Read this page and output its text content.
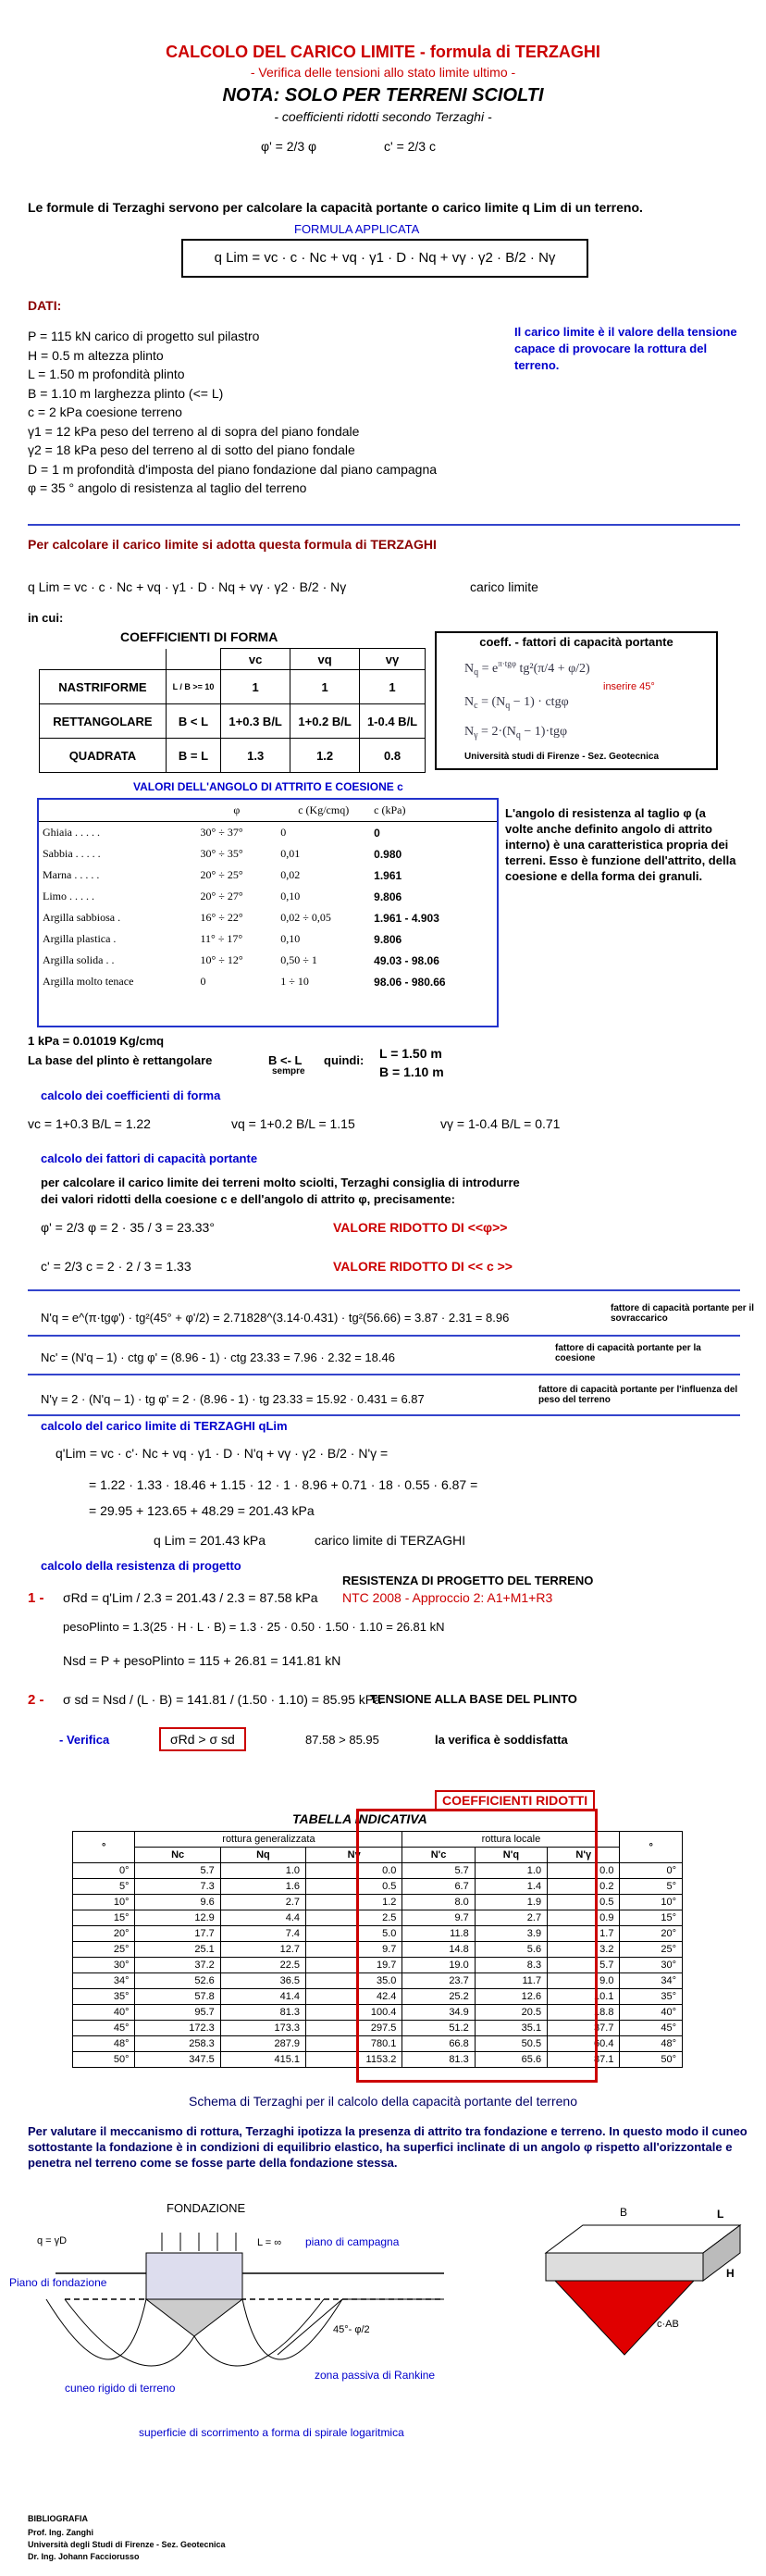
CALCOLO DEL CARICO LIMITE - formula di TERZAGHI
- Verifica delle tensioni allo stato limite ultimo -
NOTA: SOLO PER TERRENI SCIOLTI
- coefficienti ridotti secondo Terzaghi -
φ' = 2/3 φ	c' = 2/3 c
Le formule di Terzaghi servono per calcolare la capacità portante o carico limite q Lim di un terreno.
FORMULA APPLICATA
q Lim = vc · c · Nc + vq · γ1 · D · Nq + vγ · γ2 · B/2 · Nγ
DATI:
P = 115 kN carico di progetto sul pilastro
H = 0.5 m altezza plinto
L = 1.50 m profondità plinto
B = 1.10 m larghezza plinto (<= L)
c = 2 kPa coesione terreno
γ1 = 12 kPa peso del terreno al di sopra del piano fondale
γ2 = 18 kPa peso del terreno al di sotto del piano fondale
D = 1 m profondità d'imposta del piano fondazione dal piano campagna
φ = 35 ° angolo di resistenza al taglio del terreno
Il carico limite è il valore della tensione capace di provocare la rottura del terreno.
Per calcolare il carico limite si adotta questa formula di TERZAGHI
q Lim = vc · c · Nc + vq · γ1 · D · Nq + vγ · γ2 · B/2 · Nγ	carico limite
in cui:
COEFFICIENTI DI FORMA
		vc	vq	vγ
NASTRIFORME	L / B >= 10	1	1	1
RETTANGOLARE	B < L	1+0.3 B/L	1+0.2 B/L	1-0.4 B/L
QUADRATA	B = L	1.3	1.2	0.8
coeff. - fattori di capacità portante
$N_q = e^{\pi\cdot tg\varphi}$ tg²(π/4 + φ/2)
$N_c = (N_q - 1) \cdot ctg\varphi$
$N_\gamma = 2\cdot(N_q - 1)\cdot tg\varphi$
inserire 45°
Università studi di Firenze - Sez. Geotecnica
VALORI DELL'ANGOLO DI ATTRITO E COESIONE c
	φ	c (Kg/cmq)	c (kPa)
Ghiaia . . . . .	30° ÷ 37°	0	0
Sabbia . . . . .	30° ÷ 35°	0,01	0.980
Marna . . . . .	20° ÷ 25°	0,02	1.961
Limo . . . . .	20° ÷ 27°	0,10	9.806
Argilla sabbiosa .	16° ÷ 22°	0,02 ÷ 0,05	1.961 - 4.903
Argilla plastica .	11° ÷ 17°	0,10	9.806
Argilla solida . .	10° ÷ 12°	0,50 ÷ 1	49.03 - 98.06
Argilla molto tenace	0	1 ÷ 10	98.06 - 980.66
L'angolo di resistenza al taglio φ (a volte anche definito angolo di attrito interno) è una caratteristica propria dei terreni. Esso è funzione dell'attrito, della coesione e della forma dei granuli.
1 kPa = 0.01019 Kg/cmq
La base del plinto è rettangolare	B <- L
sempre
quindi: L = 1.50 m
B = 1.10 m
calcolo dei coefficienti di forma
vc = 1+0.3 B/L = 1.22	vq = 1+0.2 B/L = 1.15	vγ = 1-0.4 B/L = 0.71
calcolo dei fattori di capacità portante
per calcolare il carico limite dei terreni molto sciolti, Terzaghi consiglia di introdurre
dei valori ridotti della coesione c e dell'angolo di attrito φ, precisamente:
φ' = 2/3 φ = 2 · 35 / 3 = 23.33°	VALORE RIDOTTO DI <<φ>>
c' = 2/3 c = 2 · 2 / 3 = 1.33	VALORE RIDOTTO DI << c >>
N'q = e^(π·tgφ') · tg²(45° + φ'/2) = 2.71828^(3.14·0.431) · tg²(56.66) = 3.87 · 2.31 = 8.96
fattore di capacità portante per il sovraccarico
Nc' = (N'q – 1) · ctg φ' = (8.96 - 1) · ctg 23.33 = 7.96 · 2.32 = 18.46
fattore di capacità portante per la coesione
N'γ = 2 · (N'q – 1) · tg φ' = 2 · (8.96 - 1) · tg 23.33 = 15.92 · 0.431 = 6.87
fattore di capacità portante per l'influenza del peso del terreno
calcolo del carico limite di TERZAGHI qLim
q'Lim = vc · c'· Nc + vq · γ1 · D · N'q + vγ · γ2 · B/2 · N'γ =
= 1.22 · 1.33 · 18.46 + 1.15 · 12 · 1 · 8.96 + 0.71 · 18 · 0.55 · 6.87 =
= 29.95 + 123.65 + 48.29 = 201.43 kPa
q Lim = 201.43 kPa	carico limite di TERZAGHI
calcolo della resistenza di progetto
1 - σRd = q'Lim / 2.3 = 201.43 / 2.3 = 87.58 kPa
RESISTENZA DI PROGETTO DEL TERRENO
NTC 2008 - Approccio 2: A1+M1+R3
pesoPlinto = 1.3(25 · H · L · B) = 1.3 · 25 · 0.50 · 1.50 · 1.10 = 26.81 kN
Nsd = P + pesoPlinto = 115 + 26.81 = 141.81 kN
2 - σ sd = Nsd / (L · B) = 141.81 / (1.50 · 1.10) = 85.95 kPa
TENSIONE ALLA BASE DEL PLINTO
- Verifica	σRd > σ sd	87.58 > 85.95	la verifica è soddisfatta
COEFFICIENTI RIDOTTI
TABELLA INDICATIVA
°	rottura generalizzata			rottura locale			°
	Nc	Nq	Nγ	N'c	N'q	N'γ	
0°	5.7	1.0	0.0	5.7	1.0	0.0	0°
5°	7.3	1.6	0.5	6.7	1.4	0.2	5°
10°	9.6	2.7	1.2	8.0	1.9	0.5	10°
15°	12.9	4.4	2.5	9.7	2.7	0.9	15°
20°	17.7	7.4	5.0	11.8	3.9	1.7	20°
25°	25.1	12.7	9.7	14.8	5.6	3.2	25°
30°	37.2	22.5	19.7	19.0	8.3	5.7	30°
34°	52.6	36.5	35.0	23.7	11.7	9.0	34°
35°	57.8	41.4	42.4	25.2	12.6	10.1	35°
40°	95.7	81.3	100.4	34.9	20.5	18.8	40°
45°	172.3	173.3	297.5	51.2	35.1	37.7	45°
48°	258.3	287.9	780.1	66.8	50.5	60.4	48°
50°	347.5	415.1	1153.2	81.3	65.6	87.1	50°
Schema di Terzaghi per il calcolo della capacità portante del terreno
Per valutare il meccanismo di rottura, Terzaghi ipotizza la presenza di attrito tra fondazione e terreno. In questo modo il cuneo sottostante la fondazione è in condizioni di equilibrio elastico, ha superfici inclinate di un angolo φ rispetto all'orizzontale e penetra nel terreno come se fosse parte della fondazione stessa.
FONDAZIONE
q = γD	L = ∞ piano di campagna
Piano di fondazione
cuneo rigido di terreno
zona passiva di Rankine
45°- φ/2
superficie di scorrimento a forma di spirale logaritmica
B	L
H
c·AB
BIBLIOGRAFIA
Prof. Ing. Zanghi
Università degli Studi di Firenze - Sez. Geotecnica
Dr. Ing. Johann Facciorusso
